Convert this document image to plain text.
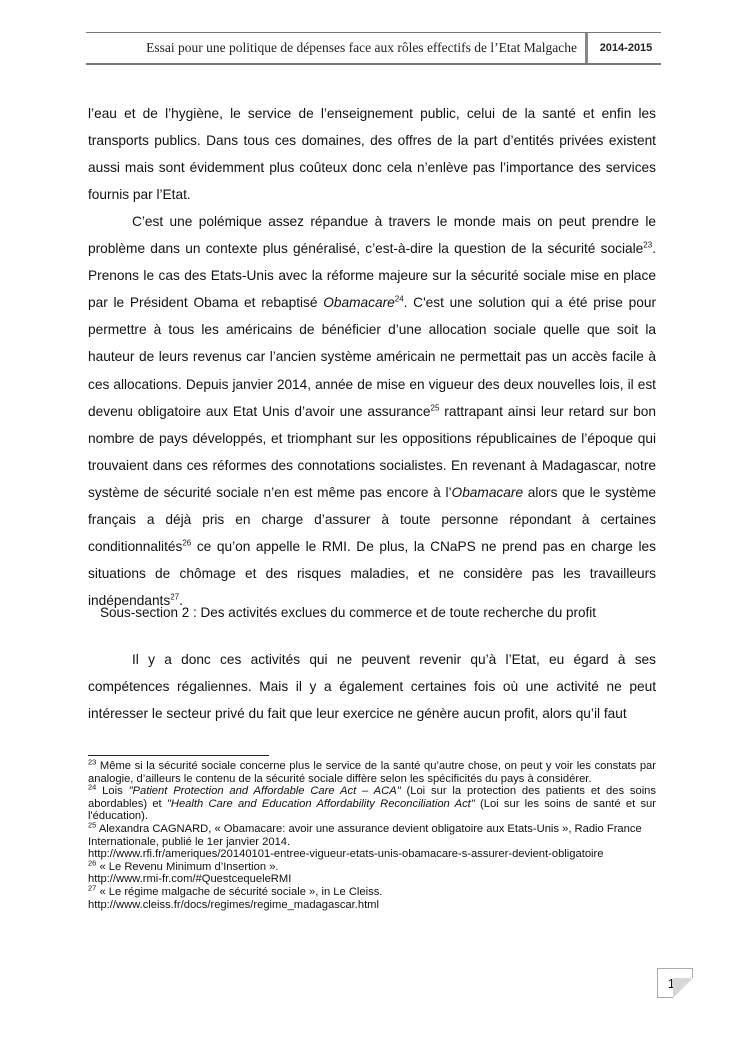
Essai pour une politique de dépenses face aux rôles effectifs de l’Etat Malgache	2014-2015

l’eau et de l’hygiène, le service de l’enseignement public, celui de la santé et enfin les transports publics. Dans tous ces domaines, des offres de la part d’entités privées existent aussi mais sont évidemment plus coûteux donc cela n’enlève pas l’importance des services fournis par l’Etat.

C’est une polémique assez répandue à travers le monde mais on peut prendre le problème dans un contexte plus généralisé, c’est-à-dire la question de la sécurité sociale$^{23}$. Prenons le cas des Etats-Unis avec la réforme majeure sur la sécurité sociale mise en place par le Président Obama et rebaptisé Obamacare$^{24}$. C'est une solution qui a été prise pour permettre à tous les américains de bénéficier d’une allocation sociale quelle que soit la hauteur de leurs revenus car l’ancien système américain ne permettait pas un accès facile à ces allocations. Depuis janvier 2014, année de mise en vigueur des deux nouvelles lois, il est devenu obligatoire aux Etat Unis d’avoir une assurance$^{25}$ rattrapant ainsi leur retard sur bon nombre de pays développés, et triomphant sur les oppositions républicaines de l’époque qui trouvaient dans ces réformes des connotations socialistes. En revenant à Madagascar, notre système de sécurité sociale n’en est même pas encore à l’Obamacare alors que le système français a déjà pris en charge d’assurer à toute personne répondant à certaines conditionnalités$^{26}$ ce qu’on appelle le RMI. De plus, la CNaPS ne prend pas en charge les situations de chômage et des risques maladies, et ne considère pas les travailleurs indépendants$^{27}$.

Sous-section 2 : Des activités exclues du commerce et de toute recherche du profit

Il y a donc ces activités qui ne peuvent revenir qu’à l’Etat, eu égard à ses compétences régaliennes. Mais il y a également certaines fois où une activité ne peut intéresser le secteur privé du fait que leur exercice ne génère aucun profit, alors qu’il faut

$^{23}$ Même si la sécurité sociale concerne plus le service de la santé qu’autre chose, on peut y voir les constats par analogie, d’ailleurs le contenu de la sécurité sociale diffère selon les spécificités du pays à considérer.

$^{24}$ Lois "Patient Protection and Affordable Care Act – ACA" (Loi sur la protection des patients et des soins abordables) et "Health Care and Education Affordability Reconciliation Act" (Loi sur les soins de santé et sur l'éducation).

$^{25}$ Alexandra CAGNARD, « Obamacare: avoir une assurance devient obligatoire aux Etats-Unis », Radio France Internationale, publié le 1er janvier 2014.
http://www.rfi.fr/ameriques/20140101-entree-vigueur-etats-unis-obamacare-s-assurer-devient-obligatoire

$^{26}$ « Le Revenu Minimum d’Insertion ».
http://www.rmi-fr.com/#QuestcequeleRMI

$^{27}$ « Le régime malgache de sécurité sociale », in Le Cleiss.
http://www.cleiss.fr/docs/regimes/regime_madagascar.html

12
